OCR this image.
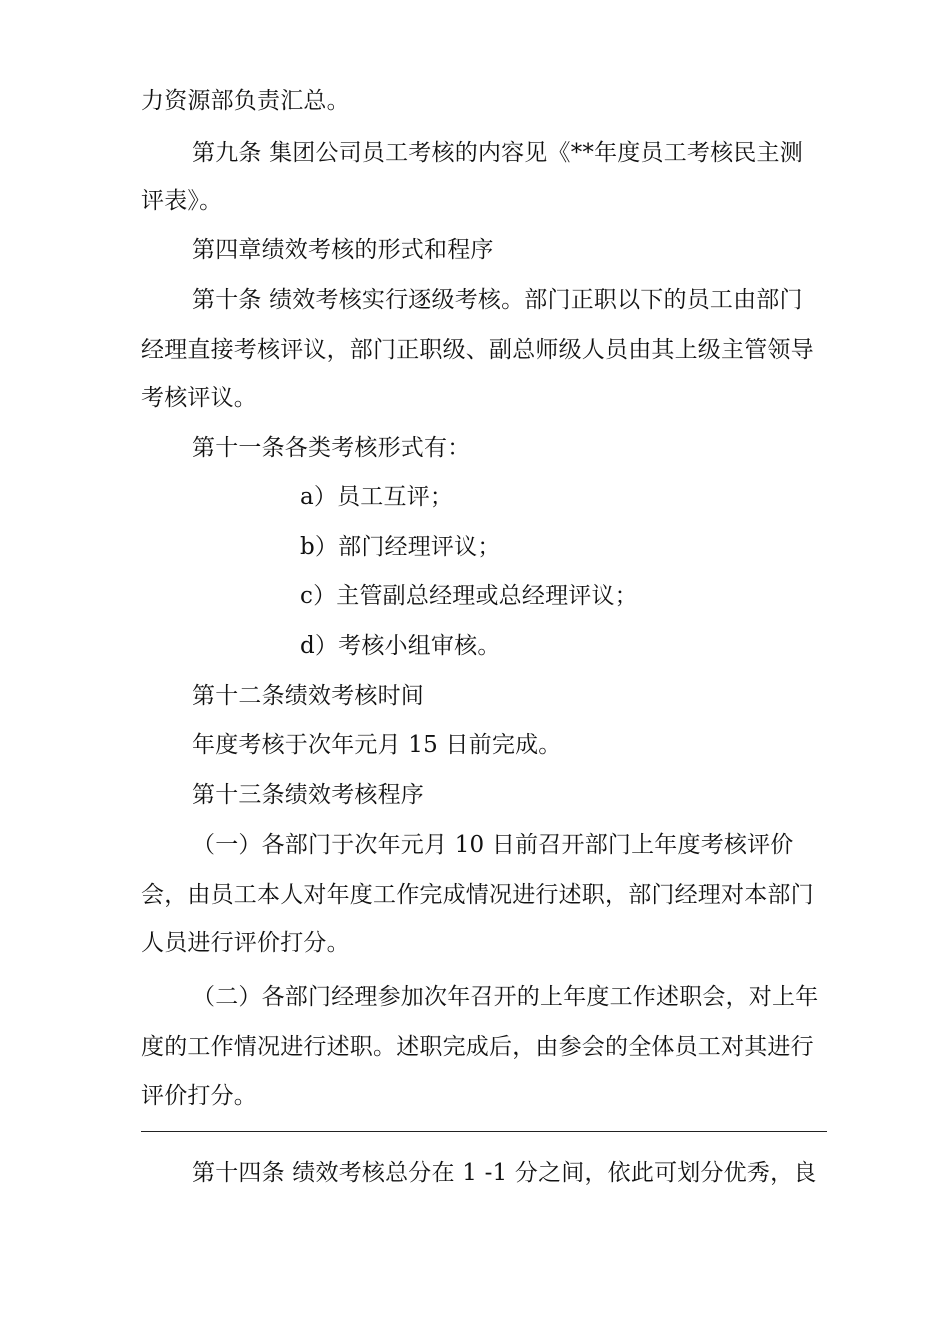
力资源部负责汇总。
第九条 集团公司员工考核的内容见《**年度员工考核民主测
评表》。
第四章绩效考核的形式和程序
第十条 绩效考核实行逐级考核。部门正职以下的员工由部门
经理直接考核评议，部门正职级、副总师级人员由其上级主管领导
考核评议。
第十一条各类考核形式有：
a）员工互评；
b）部门经理评议；
c）主管副总经理或总经理评议；
d）考核小组审核。
第十二条绩效考核时间
年度考核于次年元月 15 日前完成。
第十三条绩效考核程序
（一）各部门于次年元月 10 日前召开部门上年度考核评价
会，由员工本人对年度工作完成情况进行述职，部门经理对本部门
人员进行评价打分。
（二）各部门经理参加次年召开的上年度工作述职会，对上年
度的工作情况进行述职。述职完成后，由参会的全体员工对其进行
评价打分。
第十四条 绩效考核总分在 1 -1 分之间，依此可划分优秀，良
